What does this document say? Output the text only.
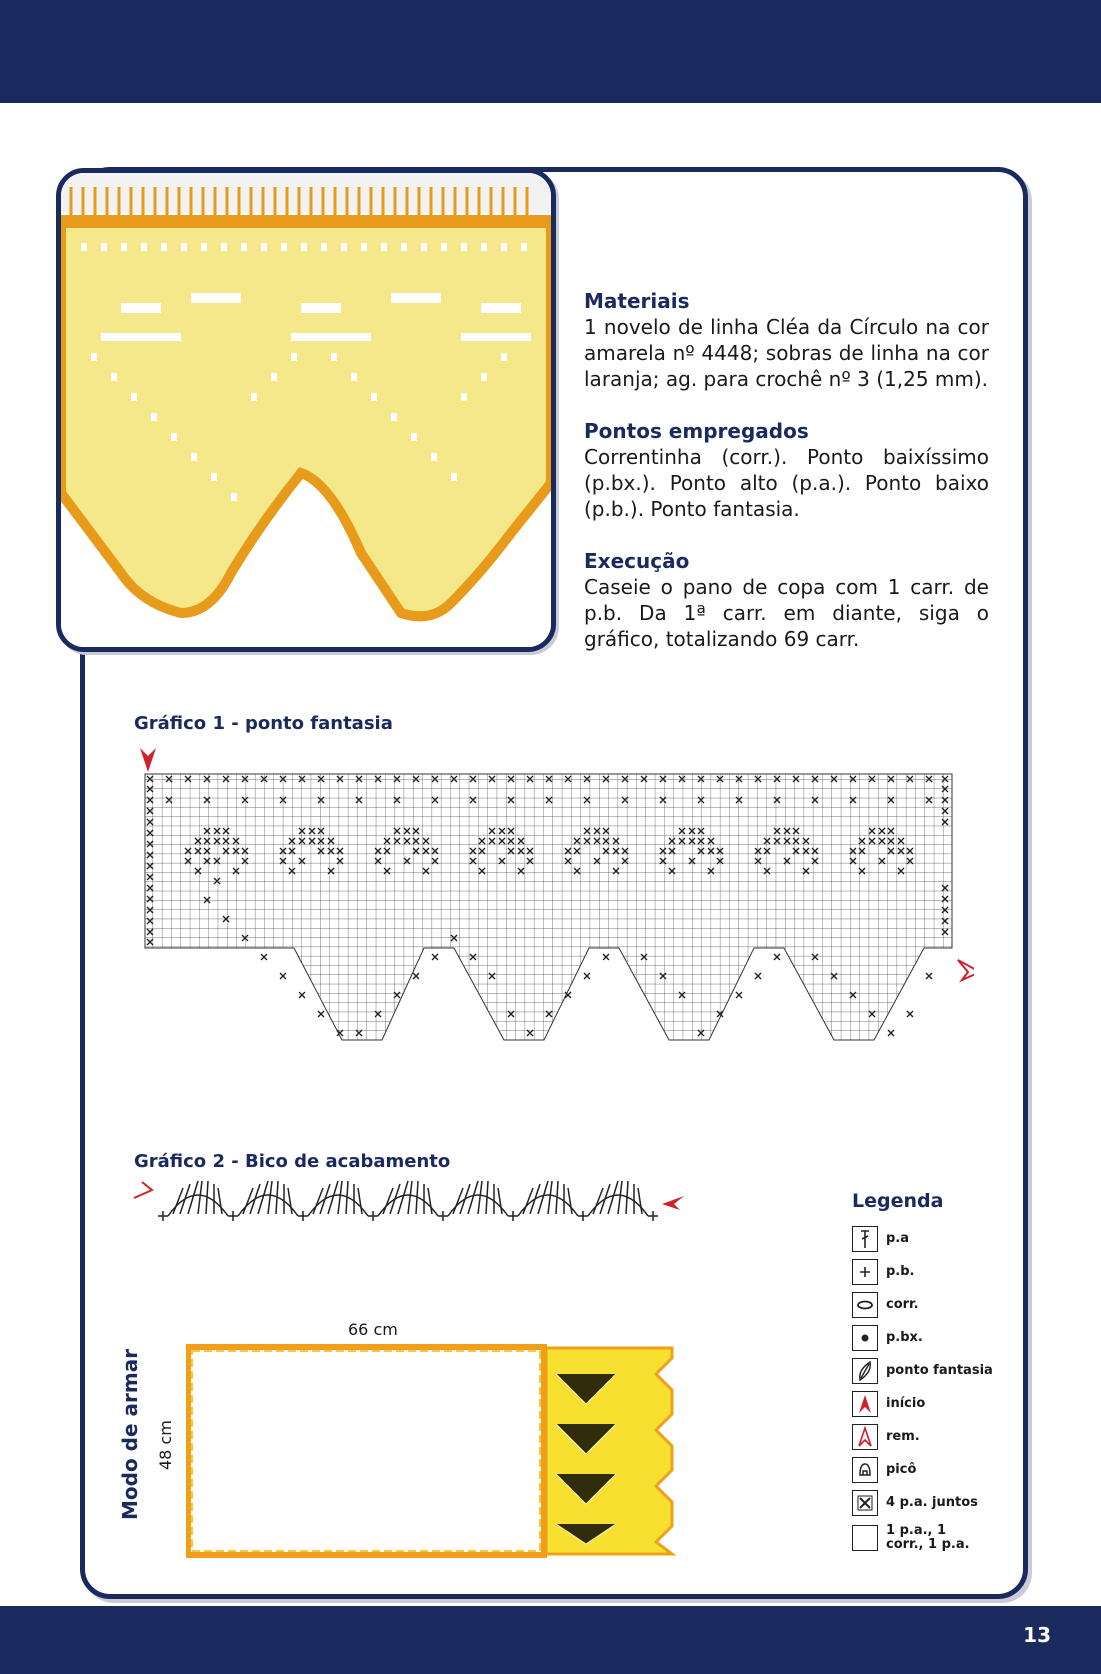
Materiais

1 novelo de linha Cléa da Círculo na cor amarela nº 4448; sobras de linha na cor laranja; ag. para crochê nº 3 (1,25 mm).

Pontos empregados

Correntinha (corr.). Ponto baixíssimo (p.bx.). Ponto alto (p.a.). Ponto baixo (p.b.). Ponto fantasia.

Execução

Caseie o pano de copa com 1 carr. de p.b. Da 1ª carr. em diante, siga o gráfico, totalizando 69 carr.

Gráfico 1 - ponto fantasia
Gráfico 2 - Bico de acabamento
66 cm
Modo de armar 48 cm
Legenda
p.a
p.b.
corr.
p.bx.
ponto fantasia
início
rem.
picô
4 p.a. juntos
1 p.a., 1 corr., 1 p.a.
13
